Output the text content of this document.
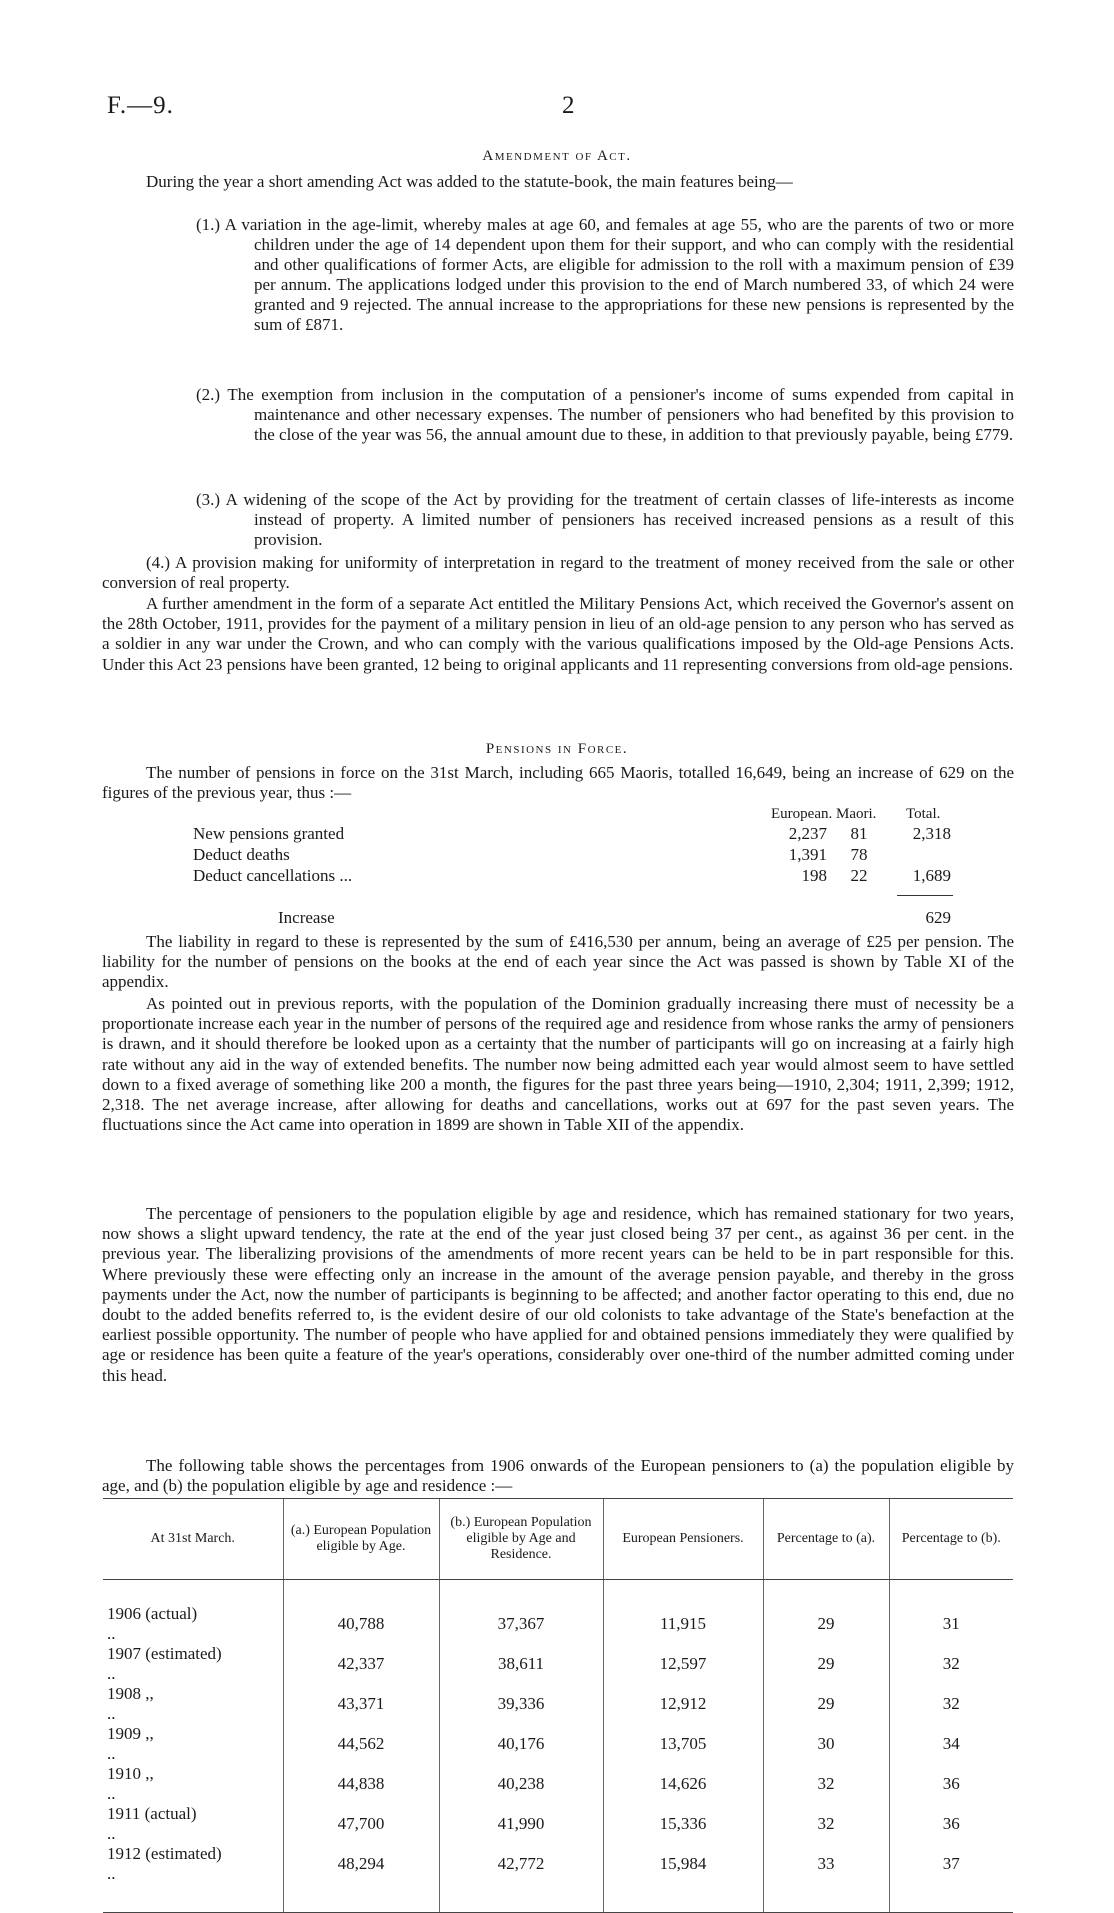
F.—9.	2
Amendment of Act.

During the year a short amending Act was added to the statute-book, the main features being—

(1.) A variation in the age-limit, whereby males at age 60, and females at age 55, who are the parents of two or more children under the age of 14 dependent upon them for their support, and who can comply with the residential and other qualifications of former Acts, are eligible for admission to the roll with a maximum pension of £39 per annum. The applications lodged under this provision to the end of March numbered 33, of which 24 were granted and 9 rejected. The annual increase to the appropriations for these new pensions is represented by the sum of £871.

(2.) The exemption from inclusion in the computation of a pensioner's income of sums expended from capital in maintenance and other necessary expenses. The number of pensioners who had benefited by this provision to the close of the year was 56, the annual amount due to these, in addition to that previously payable, being £779.

(3.) A widening of the scope of the Act by providing for the treatment of certain classes of life-interests as income instead of property. A limited number of pensioners has received increased pensions as a result of this provision.

(4.) A provision making for uniformity of interpretation in regard to the treatment of money received from the sale or other conversion of real property.

A further amendment in the form of a separate Act entitled the Military Pensions Act, which received the Governor's assent on the 28th October, 1911, provides for the payment of a military pension in lieu of an old-age pension to any person who has served as a soldier in any war under the Crown, and who can comply with the various qualifications imposed by the Old-age Pensions Acts. Under this Act 23 pensions have been granted, 12 being to original applicants and 11 representing conversions from old-age pensions.

Pensions in Force.

The number of pensions in force on the 31st March, including 665 Maoris, totalled 16,649, being an increase of 629 on the figures of the previous year, thus :—

European. Maori. Total.
New pensions granted	2,237	81	2,318
Deduct deaths	1,391	78
Deduct cancellations ...	198	22	1,689
Increase	629

The liability in regard to these is represented by the sum of £416,530 per annum, being an average of £25 per pension. The liability for the number of pensions on the books at the end of each year since the Act was passed is shown by Table XI of the appendix.

As pointed out in previous reports, with the population of the Dominion gradually increasing there must of necessity be a proportionate increase each year in the number of persons of the required age and residence from whose ranks the army of pensioners is drawn, and it should therefore be looked upon as a certainty that the number of participants will go on increasing at a fairly high rate without any aid in the way of extended benefits. The number now being admitted each year would almost seem to have settled down to a fixed average of something like 200 a month, the figures for the past three years being—1910, 2,304; 1911, 2,399; 1912, 2,318. The net average increase, after allowing for deaths and cancellations, works out at 697 for the past seven years. The fluctuations since the Act came into operation in 1899 are shown in Table XII of the appendix.

The percentage of pensioners to the population eligible by age and residence, which has remained stationary for two years, now shows a slight upward tendency, the rate at the end of the year just closed being 37 per cent., as against 36 per cent. in the previous year. The liberalizing provisions of the amendments of more recent years can be held to be in part responsible for this. Where previously these were effecting only an increase in the amount of the average pension payable, and thereby in the gross payments under the Act, now the number of participants is beginning to be affected; and another factor operating to this end, due no doubt to the added benefits referred to, is the evident desire of our old colonists to take advantage of the State's benefaction at the earliest possible opportunity. The number of people who have applied for and obtained pensions immediately they were qualified by age or residence has been quite a feature of the year's operations, considerably over one-third of the number admitted coming under this head.

The following table shows the percentages from 1906 onwards of the European pensioners to (a) the population eligible by age, and (b) the population eligible by age and residence :—

At 31st March.	(a.) European Population eligible by Age.	(b.) European Population eligible by Age and Residence.	European Pensioners.	Percentage to (a).	Percentage to (b).

1906 (actual)..	40,788	37,367	11,915	29	31
1907 (estimated)..	42,337	38,611	12,597	29	32
1908 ,,..	43,371	39,336	12,912	29	32
1909 ,,..	44,562	40,176	13,705	30	34
1910 ,,..	44,838	40,238	14,626	32	36
1911 (actual)..	47,700	41,990	15,336	32	36
1912 (estimated)..	48,294	42,772	15,984	33	37
